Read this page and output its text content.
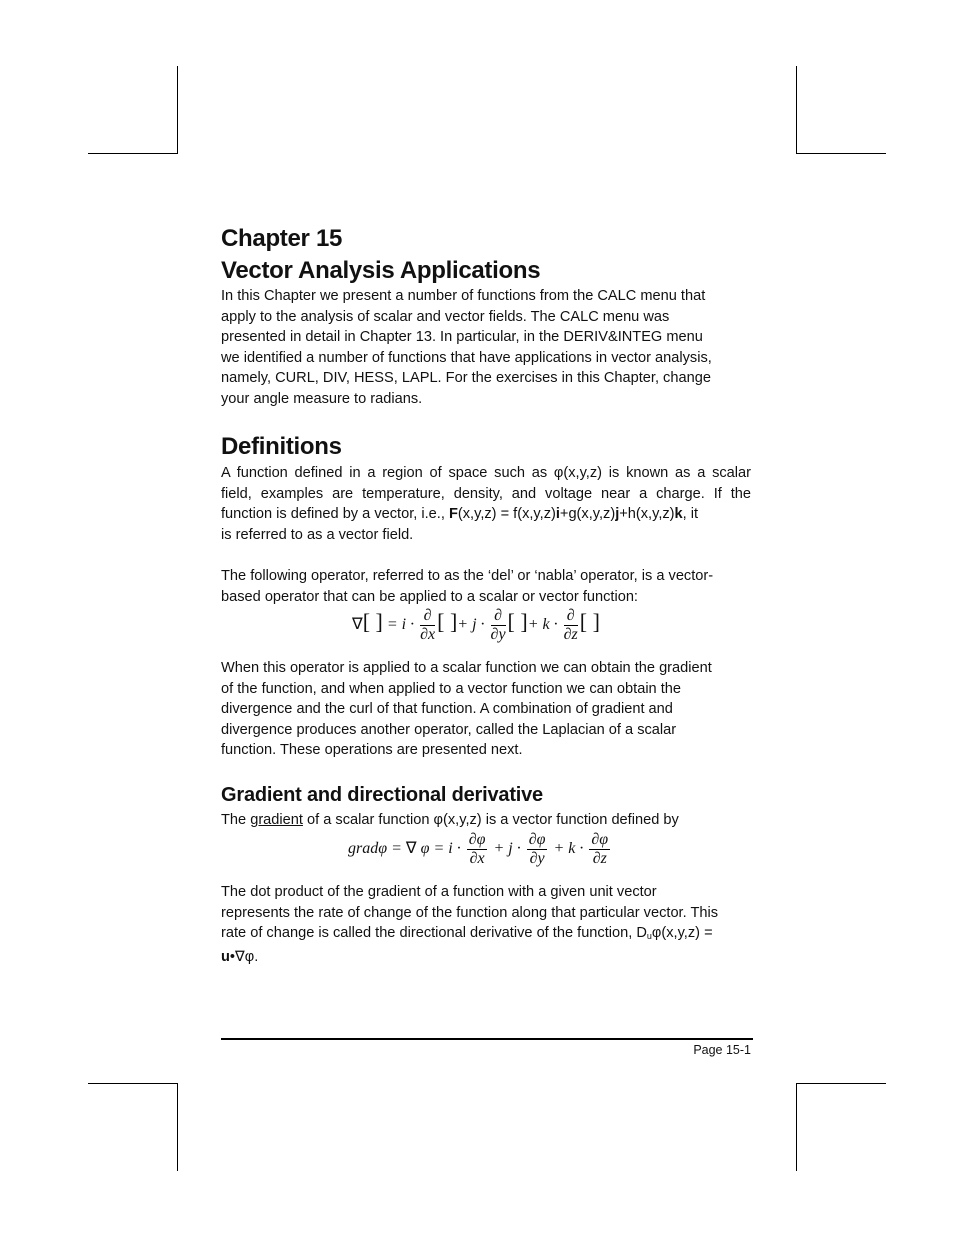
Chapter 15
Vector Analysis Applications
In this Chapter we present a number of functions from the CALC menu that
apply to the analysis of scalar and vector fields. The CALC menu was
presented in detail in Chapter 13. In particular, in the DERIV&INTEG menu
we identified a number of functions that have applications in vector analysis,
namely, CURL, DIV, HESS, LAPL. For the exercises in this Chapter, change
your angle measure to radians.
Definitions
A function defined in a region of space such as φ(x,y,z) is known as a scalar
field, examples are temperature, density, and voltage near a charge. If the
function is defined by a vector, i.e., F(x,y,z) = f(x,y,z)i+g(x,y,z)j+h(x,y,z)k, it
is referred to as a vector field.
The following operator, referred to as the ‘del’ or ‘nabla’ operator, is a vector-
based operator that can be applied to a scalar or vector function:
∇[ ] = $i \cdot \frac{\partial}{\partial x}$ [ ]+ $j \cdot \frac{\partial}{\partial y}$ [ ]+ $k \cdot \frac{\partial}{\partial z}$ [ ]
When this operator is applied to a scalar function we can obtain the gradient
of the function, and when applied to a vector function we can obtain the
divergence and the curl of that function. A combination of gradient and
divergence produces another operator, called the Laplacian of a scalar
function. These operations are presented next.
Gradient and directional derivative
The gradient of a scalar function φ(x,y,z) is a vector function defined by
gradφ = ∇ $\varphi = i \cdot \frac{\partial\varphi}{\partial x} + j \cdot \frac{\partial\varphi}{\partial y} + k \cdot \frac{\partial\varphi}{\partial z}$
The dot product of the gradient of a function with a given unit vector
represents the rate of change of the function along that particular vector. This
rate of change is called the directional derivative of the function, $D_u\varphi(x,y,z)$ =
u•∇φ.
Page 15-1
